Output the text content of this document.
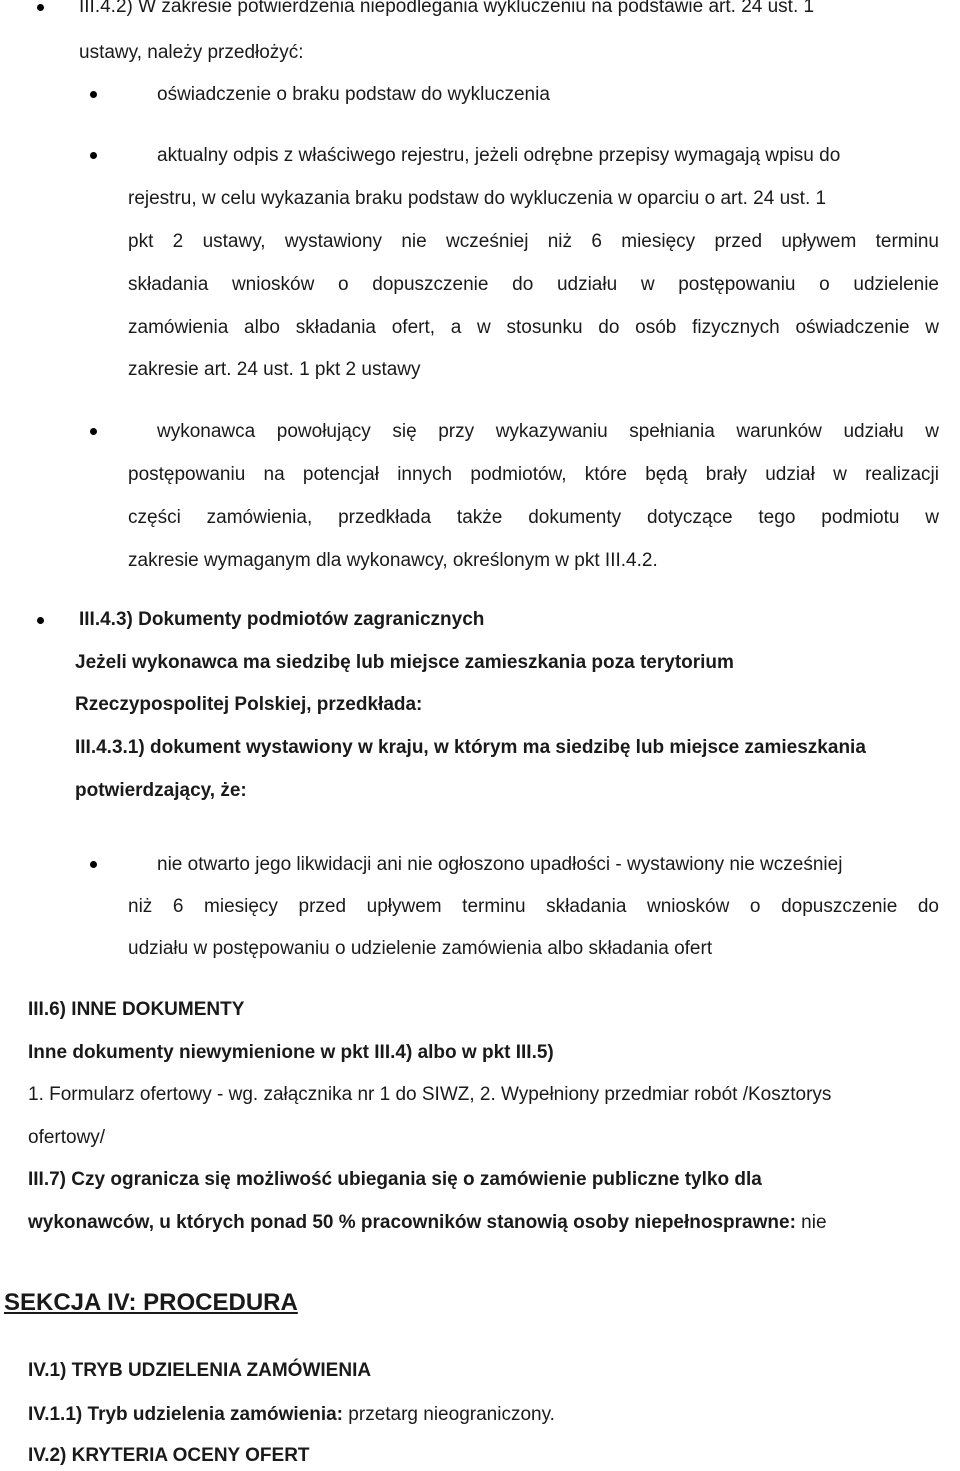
III.4.2) W zakresie potwierdzenia niepodlegania wykluczeniu na podstawie art. 24 ust. 1
ustawy, należy przedłożyć:
oświadczenie o braku podstaw do wykluczenia
aktualny odpis z właściwego rejestru, jeżeli odrębne przepisy wymagają wpisu do
rejestru, w celu wykazania braku podstaw do wykluczenia w oparciu o art. 24 ust. 1
pkt 2 ustawy, wystawiony nie wcześniej niż 6 miesięcy przed upływem terminu
składania wniosków o dopuszczenie do udziału w postępowaniu o udzielenie
zamówienia albo składania ofert, a w stosunku do osób fizycznych oświadczenie w
zakresie art. 24 ust. 1 pkt 2 ustawy
wykonawca powołujący się przy wykazywaniu spełniania warunków udziału w
postępowaniu na potencjał innych podmiotów, które będą brały udział w realizacji
części zamówienia, przedkłada także dokumenty dotyczące tego podmiotu w
zakresie wymaganym dla wykonawcy, określonym w pkt III.4.2.
III.4.3) Dokumenty podmiotów zagranicznych
Jeżeli wykonawca ma siedzibę lub miejsce zamieszkania poza terytorium
Rzeczypospolitej Polskiej, przedkłada:
III.4.3.1) dokument wystawiony w kraju, w którym ma siedzibę lub miejsce zamieszkania
potwierdzający, że:
nie otwarto jego likwidacji ani nie ogłoszono upadłości - wystawiony nie wcześniej
niż 6 miesięcy przed upływem terminu składania wniosków o dopuszczenie do
udziału w postępowaniu o udzielenie zamówienia albo składania ofert
III.6) INNE DOKUMENTY
Inne dokumenty niewymienione w pkt III.4) albo w pkt III.5)
1. Formularz ofertowy - wg. załącznika nr 1 do SIWZ, 2. Wypełniony przedmiar robót /Kosztorys
ofertowy/
III.7) Czy ogranicza się możliwość ubiegania się o zamówienie publiczne tylko dla
wykonawców, u których ponad 50 % pracowników stanowią osoby niepełnosprawne: nie
SEKCJA IV: PROCEDURA
IV.1) TRYB UDZIELENIA ZAMÓWIENIA
IV.1.1) Tryb udzielenia zamówienia: przetarg nieograniczony.
IV.2) KRYTERIA OCENY OFERT
